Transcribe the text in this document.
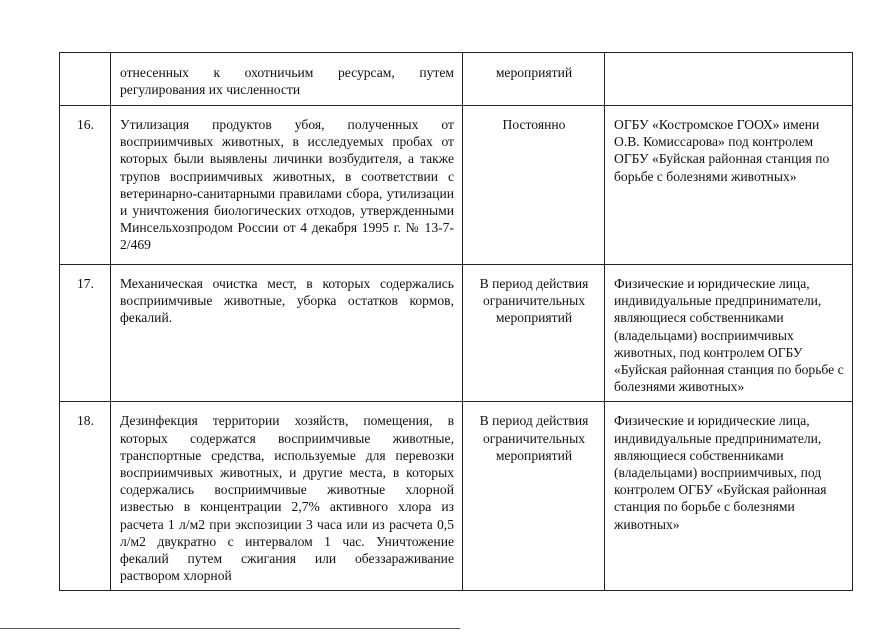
	отнесенных к охотничьим ресурсам, путем регулирования их численности	мероприятий	
16.	Утилизация продуктов убоя, полученных от восприимчивых животных, в исследуемых пробах от которых были выявлены личинки возбудителя, а также трупов восприимчивых животных, в соответствии с ветеринарно-санитарными правилами сбора, утилизации и уничтожения биологических отходов, утвержденными Минсельхозпродом России от 4 декабря 1995 г. № 13-7-2/469	Постоянно	ОГБУ «Костромское ГООХ» имени О.В. Комиссарова» под контролем ОГБУ «Буйская районная станция по борьбе с болезнями животных»
17.	Механическая очистка мест, в которых содержались восприимчивые животные, уборка остатков кормов, фекалий.	В период действия ограничительных мероприятий	Физические и юридические лица, индивидуальные предприниматели, являющиеся собственниками (владельцами) восприимчивых животных, под контролем ОГБУ «Буйская районная станция по борьбе с болезнями животных»
18.	Дезинфекция территории хозяйств, помещения, в которых содержатся восприимчивые животные, транспортные средства, используемые для перевозки восприимчивых животных, и другие места, в которых содержались восприимчивые животные хлорной известью в концентрации 2,7% активного хлора из расчета 1 л/м2 при экспозиции 3 часа или из расчета 0,5 л/м2 двукратно с интервалом 1 час. Уничтожение фекалий путем сжигания или обеззараживание раствором хлорной	В период действия ограничительных мероприятий	Физические и юридические лица, индивидуальные предприниматели, являющиеся собственниками (владельцами) восприимчивых, под контролем ОГБУ «Буйская районная станция по борьбе с болезнями животных»
